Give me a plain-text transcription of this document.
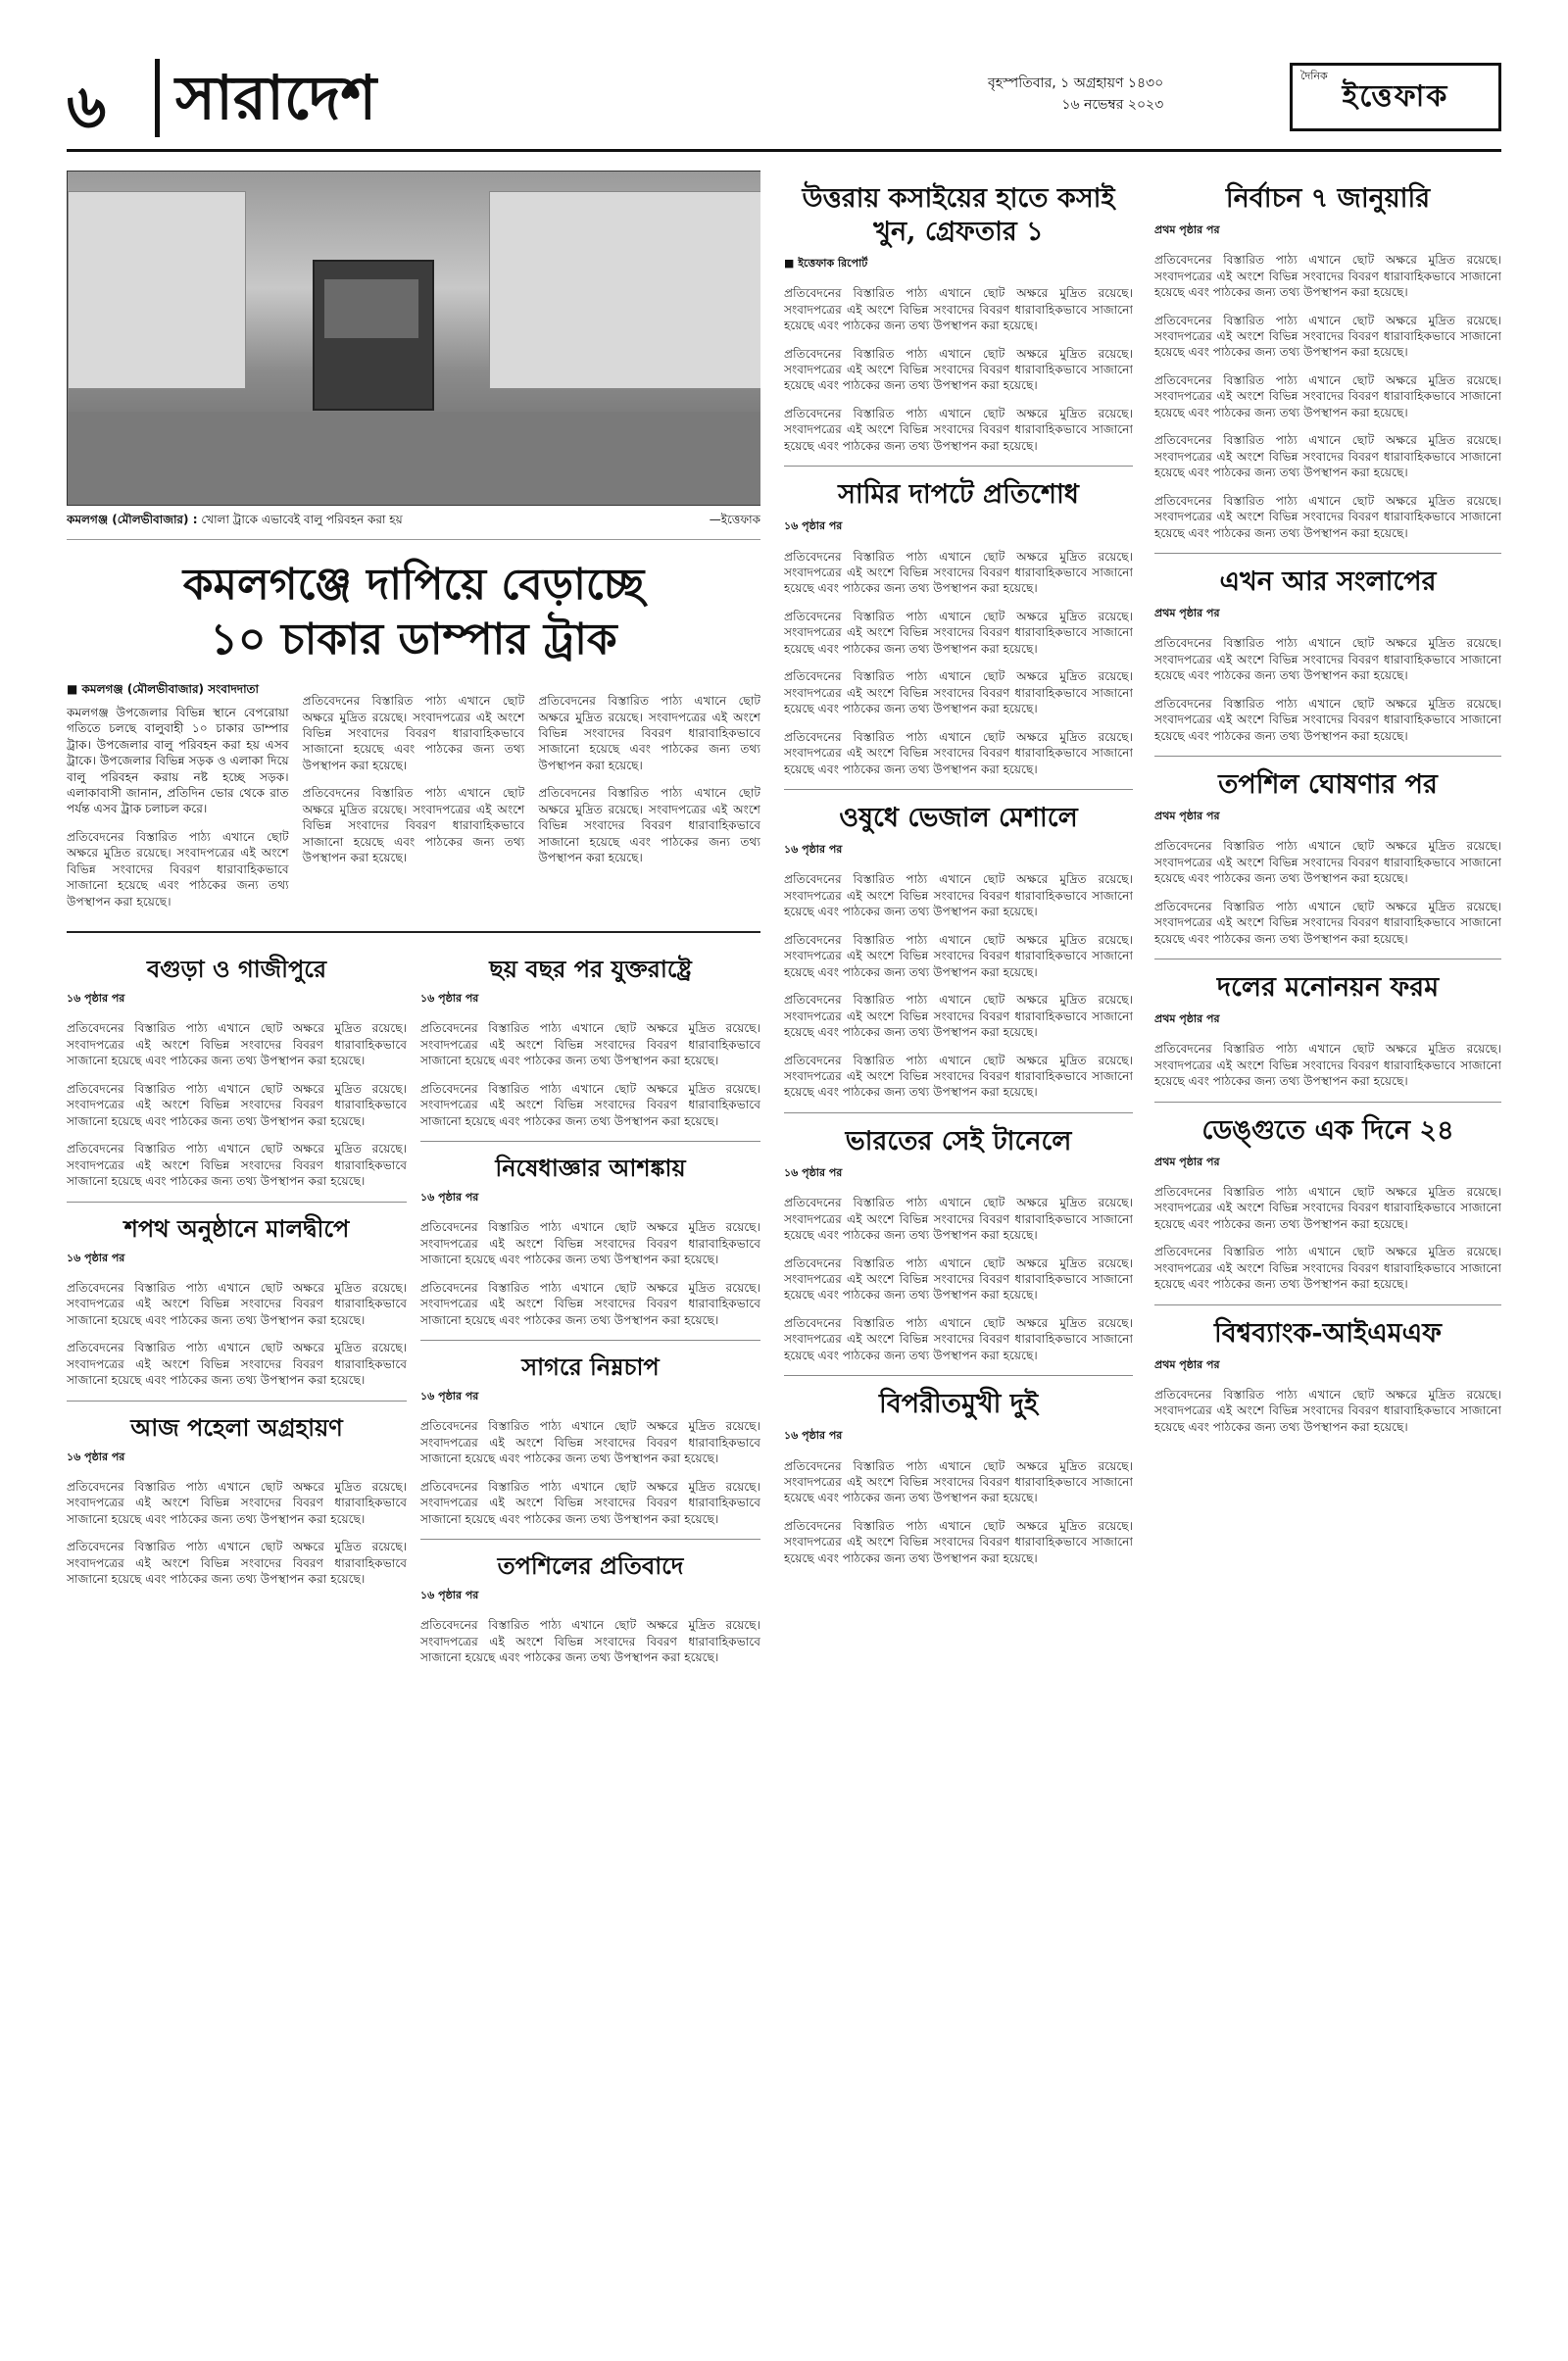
৬	সারাদেশ	বৃহস্পতিবার, ১ অগ্রহায়ণ ১৪৩০
১৬ নভেম্বর ২০২৩
দৈনিক
ইত্তেফাক
কমলগঞ্জ (মৌলভীবাজার) : খোলা ট্রাকে এভাবেই বালু পরিবহন করা হয়	—ইত্তেফাক
কমলগঞ্জে দাপিয়ে বেড়াচ্ছে
১০ চাকার ডাম্পার ট্রাক
■ কমলগঞ্জ (মৌলভীবাজার) সংবাদদাতা

কমলগঞ্জ উপজেলার বিভিন্ন স্থানে বেপরোয়া গতিতে চলছে বালুবাহী ১০ চাকার ডাম্পার ট্রাক। উপজেলার বালু পরিবহন করা হয় এসব ট্রাকে। উপজেলার বিভিন্ন সড়ক ও এলাকা দিয়ে বালু পরিবহন করায় নষ্ট হচ্ছে সড়ক। এলাকাবাসী জানান, প্রতিদিন ভোর থেকে রাত পর্যন্ত এসব ট্রাক চলাচল করে।

প্রতিবেদনের বিস্তারিত পাঠ্য এখানে ছোট অক্ষরে মুদ্রিত রয়েছে। সংবাদপত্রের এই অংশে বিভিন্ন সংবাদের বিবরণ ধারাবাহিকভাবে সাজানো হয়েছে এবং পাঠকের জন্য তথ্য উপস্থাপন করা হয়েছে।

প্রতিবেদনের বিস্তারিত পাঠ্য এখানে ছোট অক্ষরে মুদ্রিত রয়েছে। সংবাদপত্রের এই অংশে বিভিন্ন সংবাদের বিবরণ ধারাবাহিকভাবে সাজানো হয়েছে এবং পাঠকের জন্য তথ্য উপস্থাপন করা হয়েছে।

প্রতিবেদনের বিস্তারিত পাঠ্য এখানে ছোট অক্ষরে মুদ্রিত রয়েছে। সংবাদপত্রের এই অংশে বিভিন্ন সংবাদের বিবরণ ধারাবাহিকভাবে সাজানো হয়েছে এবং পাঠকের জন্য তথ্য উপস্থাপন করা হয়েছে।

প্রতিবেদনের বিস্তারিত পাঠ্য এখানে ছোট অক্ষরে মুদ্রিত রয়েছে। সংবাদপত্রের এই অংশে বিভিন্ন সংবাদের বিবরণ ধারাবাহিকভাবে সাজানো হয়েছে এবং পাঠকের জন্য তথ্য উপস্থাপন করা হয়েছে।

প্রতিবেদনের বিস্তারিত পাঠ্য এখানে ছোট অক্ষরে মুদ্রিত রয়েছে। সংবাদপত্রের এই অংশে বিভিন্ন সংবাদের বিবরণ ধারাবাহিকভাবে সাজানো হয়েছে এবং পাঠকের জন্য তথ্য উপস্থাপন করা হয়েছে।

বগুড়া ও গাজীপুরে
১৬ পৃষ্ঠার পর

প্রতিবেদনের বিস্তারিত পাঠ্য এখানে ছোট অক্ষরে মুদ্রিত রয়েছে। সংবাদপত্রের এই অংশে বিভিন্ন সংবাদের বিবরণ ধারাবাহিকভাবে সাজানো হয়েছে এবং পাঠকের জন্য তথ্য উপস্থাপন করা হয়েছে।

প্রতিবেদনের বিস্তারিত পাঠ্য এখানে ছোট অক্ষরে মুদ্রিত রয়েছে। সংবাদপত্রের এই অংশে বিভিন্ন সংবাদের বিবরণ ধারাবাহিকভাবে সাজানো হয়েছে এবং পাঠকের জন্য তথ্য উপস্থাপন করা হয়েছে।

প্রতিবেদনের বিস্তারিত পাঠ্য এখানে ছোট অক্ষরে মুদ্রিত রয়েছে। সংবাদপত্রের এই অংশে বিভিন্ন সংবাদের বিবরণ ধারাবাহিকভাবে সাজানো হয়েছে এবং পাঠকের জন্য তথ্য উপস্থাপন করা হয়েছে।

শপথ অনুষ্ঠানে মালদ্বীপে
১৬ পৃষ্ঠার পর

প্রতিবেদনের বিস্তারিত পাঠ্য এখানে ছোট অক্ষরে মুদ্রিত রয়েছে। সংবাদপত্রের এই অংশে বিভিন্ন সংবাদের বিবরণ ধারাবাহিকভাবে সাজানো হয়েছে এবং পাঠকের জন্য তথ্য উপস্থাপন করা হয়েছে।

প্রতিবেদনের বিস্তারিত পাঠ্য এখানে ছোট অক্ষরে মুদ্রিত রয়েছে। সংবাদপত্রের এই অংশে বিভিন্ন সংবাদের বিবরণ ধারাবাহিকভাবে সাজানো হয়েছে এবং পাঠকের জন্য তথ্য উপস্থাপন করা হয়েছে।

আজ পহেলা অগ্রহায়ণ
১৬ পৃষ্ঠার পর

প্রতিবেদনের বিস্তারিত পাঠ্য এখানে ছোট অক্ষরে মুদ্রিত রয়েছে। সংবাদপত্রের এই অংশে বিভিন্ন সংবাদের বিবরণ ধারাবাহিকভাবে সাজানো হয়েছে এবং পাঠকের জন্য তথ্য উপস্থাপন করা হয়েছে।

প্রতিবেদনের বিস্তারিত পাঠ্য এখানে ছোট অক্ষরে মুদ্রিত রয়েছে। সংবাদপত্রের এই অংশে বিভিন্ন সংবাদের বিবরণ ধারাবাহিকভাবে সাজানো হয়েছে এবং পাঠকের জন্য তথ্য উপস্থাপন করা হয়েছে।

ছয় বছর পর যুক্তরাষ্ট্রে
১৬ পৃষ্ঠার পর

প্রতিবেদনের বিস্তারিত পাঠ্য এখানে ছোট অক্ষরে মুদ্রিত রয়েছে। সংবাদপত্রের এই অংশে বিভিন্ন সংবাদের বিবরণ ধারাবাহিকভাবে সাজানো হয়েছে এবং পাঠকের জন্য তথ্য উপস্থাপন করা হয়েছে।

প্রতিবেদনের বিস্তারিত পাঠ্য এখানে ছোট অক্ষরে মুদ্রিত রয়েছে। সংবাদপত্রের এই অংশে বিভিন্ন সংবাদের বিবরণ ধারাবাহিকভাবে সাজানো হয়েছে এবং পাঠকের জন্য তথ্য উপস্থাপন করা হয়েছে।

নিষেধাজ্ঞার আশঙ্কায়
১৬ পৃষ্ঠার পর

প্রতিবেদনের বিস্তারিত পাঠ্য এখানে ছোট অক্ষরে মুদ্রিত রয়েছে। সংবাদপত্রের এই অংশে বিভিন্ন সংবাদের বিবরণ ধারাবাহিকভাবে সাজানো হয়েছে এবং পাঠকের জন্য তথ্য উপস্থাপন করা হয়েছে।

প্রতিবেদনের বিস্তারিত পাঠ্য এখানে ছোট অক্ষরে মুদ্রিত রয়েছে। সংবাদপত্রের এই অংশে বিভিন্ন সংবাদের বিবরণ ধারাবাহিকভাবে সাজানো হয়েছে এবং পাঠকের জন্য তথ্য উপস্থাপন করা হয়েছে।

সাগরে নিম্নচাপ
১৬ পৃষ্ঠার পর

প্রতিবেদনের বিস্তারিত পাঠ্য এখানে ছোট অক্ষরে মুদ্রিত রয়েছে। সংবাদপত্রের এই অংশে বিভিন্ন সংবাদের বিবরণ ধারাবাহিকভাবে সাজানো হয়েছে এবং পাঠকের জন্য তথ্য উপস্থাপন করা হয়েছে।

প্রতিবেদনের বিস্তারিত পাঠ্য এখানে ছোট অক্ষরে মুদ্রিত রয়েছে। সংবাদপত্রের এই অংশে বিভিন্ন সংবাদের বিবরণ ধারাবাহিকভাবে সাজানো হয়েছে এবং পাঠকের জন্য তথ্য উপস্থাপন করা হয়েছে।

তপশিলের প্রতিবাদে
১৬ পৃষ্ঠার পর

প্রতিবেদনের বিস্তারিত পাঠ্য এখানে ছোট অক্ষরে মুদ্রিত রয়েছে। সংবাদপত্রের এই অংশে বিভিন্ন সংবাদের বিবরণ ধারাবাহিকভাবে সাজানো হয়েছে এবং পাঠকের জন্য তথ্য উপস্থাপন করা হয়েছে।

উত্তরায় কসাইয়ের হাতে কসাই খুন, গ্রেফতার ১
■ ইত্তেফাক রিপোর্ট

প্রতিবেদনের বিস্তারিত পাঠ্য এখানে ছোট অক্ষরে মুদ্রিত রয়েছে। সংবাদপত্রের এই অংশে বিভিন্ন সংবাদের বিবরণ ধারাবাহিকভাবে সাজানো হয়েছে এবং পাঠকের জন্য তথ্য উপস্থাপন করা হয়েছে।

প্রতিবেদনের বিস্তারিত পাঠ্য এখানে ছোট অক্ষরে মুদ্রিত রয়েছে। সংবাদপত্রের এই অংশে বিভিন্ন সংবাদের বিবরণ ধারাবাহিকভাবে সাজানো হয়েছে এবং পাঠকের জন্য তথ্য উপস্থাপন করা হয়েছে।

প্রতিবেদনের বিস্তারিত পাঠ্য এখানে ছোট অক্ষরে মুদ্রিত রয়েছে। সংবাদপত্রের এই অংশে বিভিন্ন সংবাদের বিবরণ ধারাবাহিকভাবে সাজানো হয়েছে এবং পাঠকের জন্য তথ্য উপস্থাপন করা হয়েছে।

সামির দাপটে প্রতিশোধ
১৬ পৃষ্ঠার পর

প্রতিবেদনের বিস্তারিত পাঠ্য এখানে ছোট অক্ষরে মুদ্রিত রয়েছে। সংবাদপত্রের এই অংশে বিভিন্ন সংবাদের বিবরণ ধারাবাহিকভাবে সাজানো হয়েছে এবং পাঠকের জন্য তথ্য উপস্থাপন করা হয়েছে।

প্রতিবেদনের বিস্তারিত পাঠ্য এখানে ছোট অক্ষরে মুদ্রিত রয়েছে। সংবাদপত্রের এই অংশে বিভিন্ন সংবাদের বিবরণ ধারাবাহিকভাবে সাজানো হয়েছে এবং পাঠকের জন্য তথ্য উপস্থাপন করা হয়েছে।

প্রতিবেদনের বিস্তারিত পাঠ্য এখানে ছোট অক্ষরে মুদ্রিত রয়েছে। সংবাদপত্রের এই অংশে বিভিন্ন সংবাদের বিবরণ ধারাবাহিকভাবে সাজানো হয়েছে এবং পাঠকের জন্য তথ্য উপস্থাপন করা হয়েছে।

প্রতিবেদনের বিস্তারিত পাঠ্য এখানে ছোট অক্ষরে মুদ্রিত রয়েছে। সংবাদপত্রের এই অংশে বিভিন্ন সংবাদের বিবরণ ধারাবাহিকভাবে সাজানো হয়েছে এবং পাঠকের জন্য তথ্য উপস্থাপন করা হয়েছে।

ওষুধে ভেজাল মেশালে
১৬ পৃষ্ঠার পর

প্রতিবেদনের বিস্তারিত পাঠ্য এখানে ছোট অক্ষরে মুদ্রিত রয়েছে। সংবাদপত্রের এই অংশে বিভিন্ন সংবাদের বিবরণ ধারাবাহিকভাবে সাজানো হয়েছে এবং পাঠকের জন্য তথ্য উপস্থাপন করা হয়েছে।

প্রতিবেদনের বিস্তারিত পাঠ্য এখানে ছোট অক্ষরে মুদ্রিত রয়েছে। সংবাদপত্রের এই অংশে বিভিন্ন সংবাদের বিবরণ ধারাবাহিকভাবে সাজানো হয়েছে এবং পাঠকের জন্য তথ্য উপস্থাপন করা হয়েছে।

প্রতিবেদনের বিস্তারিত পাঠ্য এখানে ছোট অক্ষরে মুদ্রিত রয়েছে। সংবাদপত্রের এই অংশে বিভিন্ন সংবাদের বিবরণ ধারাবাহিকভাবে সাজানো হয়েছে এবং পাঠকের জন্য তথ্য উপস্থাপন করা হয়েছে।

প্রতিবেদনের বিস্তারিত পাঠ্য এখানে ছোট অক্ষরে মুদ্রিত রয়েছে। সংবাদপত্রের এই অংশে বিভিন্ন সংবাদের বিবরণ ধারাবাহিকভাবে সাজানো হয়েছে এবং পাঠকের জন্য তথ্য উপস্থাপন করা হয়েছে।

ভারতের সেই টানেলে
১৬ পৃষ্ঠার পর

প্রতিবেদনের বিস্তারিত পাঠ্য এখানে ছোট অক্ষরে মুদ্রিত রয়েছে। সংবাদপত্রের এই অংশে বিভিন্ন সংবাদের বিবরণ ধারাবাহিকভাবে সাজানো হয়েছে এবং পাঠকের জন্য তথ্য উপস্থাপন করা হয়েছে।

প্রতিবেদনের বিস্তারিত পাঠ্য এখানে ছোট অক্ষরে মুদ্রিত রয়েছে। সংবাদপত্রের এই অংশে বিভিন্ন সংবাদের বিবরণ ধারাবাহিকভাবে সাজানো হয়েছে এবং পাঠকের জন্য তথ্য উপস্থাপন করা হয়েছে।

প্রতিবেদনের বিস্তারিত পাঠ্য এখানে ছোট অক্ষরে মুদ্রিত রয়েছে। সংবাদপত্রের এই অংশে বিভিন্ন সংবাদের বিবরণ ধারাবাহিকভাবে সাজানো হয়েছে এবং পাঠকের জন্য তথ্য উপস্থাপন করা হয়েছে।

বিপরীতমুখী দুই
১৬ পৃষ্ঠার পর

প্রতিবেদনের বিস্তারিত পাঠ্য এখানে ছোট অক্ষরে মুদ্রিত রয়েছে। সংবাদপত্রের এই অংশে বিভিন্ন সংবাদের বিবরণ ধারাবাহিকভাবে সাজানো হয়েছে এবং পাঠকের জন্য তথ্য উপস্থাপন করা হয়েছে।

প্রতিবেদনের বিস্তারিত পাঠ্য এখানে ছোট অক্ষরে মুদ্রিত রয়েছে। সংবাদপত্রের এই অংশে বিভিন্ন সংবাদের বিবরণ ধারাবাহিকভাবে সাজানো হয়েছে এবং পাঠকের জন্য তথ্য উপস্থাপন করা হয়েছে।

নির্বাচন ৭ জানুয়ারি
প্রথম পৃষ্ঠার পর

প্রতিবেদনের বিস্তারিত পাঠ্য এখানে ছোট অক্ষরে মুদ্রিত রয়েছে। সংবাদপত্রের এই অংশে বিভিন্ন সংবাদের বিবরণ ধারাবাহিকভাবে সাজানো হয়েছে এবং পাঠকের জন্য তথ্য উপস্থাপন করা হয়েছে।

প্রতিবেদনের বিস্তারিত পাঠ্য এখানে ছোট অক্ষরে মুদ্রিত রয়েছে। সংবাদপত্রের এই অংশে বিভিন্ন সংবাদের বিবরণ ধারাবাহিকভাবে সাজানো হয়েছে এবং পাঠকের জন্য তথ্য উপস্থাপন করা হয়েছে।

প্রতিবেদনের বিস্তারিত পাঠ্য এখানে ছোট অক্ষরে মুদ্রিত রয়েছে। সংবাদপত্রের এই অংশে বিভিন্ন সংবাদের বিবরণ ধারাবাহিকভাবে সাজানো হয়েছে এবং পাঠকের জন্য তথ্য উপস্থাপন করা হয়েছে।

প্রতিবেদনের বিস্তারিত পাঠ্য এখানে ছোট অক্ষরে মুদ্রিত রয়েছে। সংবাদপত্রের এই অংশে বিভিন্ন সংবাদের বিবরণ ধারাবাহিকভাবে সাজানো হয়েছে এবং পাঠকের জন্য তথ্য উপস্থাপন করা হয়েছে।

প্রতিবেদনের বিস্তারিত পাঠ্য এখানে ছোট অক্ষরে মুদ্রিত রয়েছে। সংবাদপত্রের এই অংশে বিভিন্ন সংবাদের বিবরণ ধারাবাহিকভাবে সাজানো হয়েছে এবং পাঠকের জন্য তথ্য উপস্থাপন করা হয়েছে।

এখন আর সংলাপের
প্রথম পৃষ্ঠার পর

প্রতিবেদনের বিস্তারিত পাঠ্য এখানে ছোট অক্ষরে মুদ্রিত রয়েছে। সংবাদপত্রের এই অংশে বিভিন্ন সংবাদের বিবরণ ধারাবাহিকভাবে সাজানো হয়েছে এবং পাঠকের জন্য তথ্য উপস্থাপন করা হয়েছে।

প্রতিবেদনের বিস্তারিত পাঠ্য এখানে ছোট অক্ষরে মুদ্রিত রয়েছে। সংবাদপত্রের এই অংশে বিভিন্ন সংবাদের বিবরণ ধারাবাহিকভাবে সাজানো হয়েছে এবং পাঠকের জন্য তথ্য উপস্থাপন করা হয়েছে।

তপশিল ঘোষণার পর
প্রথম পৃষ্ঠার পর

প্রতিবেদনের বিস্তারিত পাঠ্য এখানে ছোট অক্ষরে মুদ্রিত রয়েছে। সংবাদপত্রের এই অংশে বিভিন্ন সংবাদের বিবরণ ধারাবাহিকভাবে সাজানো হয়েছে এবং পাঠকের জন্য তথ্য উপস্থাপন করা হয়েছে।

প্রতিবেদনের বিস্তারিত পাঠ্য এখানে ছোট অক্ষরে মুদ্রিত রয়েছে। সংবাদপত্রের এই অংশে বিভিন্ন সংবাদের বিবরণ ধারাবাহিকভাবে সাজানো হয়েছে এবং পাঠকের জন্য তথ্য উপস্থাপন করা হয়েছে।

দলের মনোনয়ন ফরম
প্রথম পৃষ্ঠার পর

প্রতিবেদনের বিস্তারিত পাঠ্য এখানে ছোট অক্ষরে মুদ্রিত রয়েছে। সংবাদপত্রের এই অংশে বিভিন্ন সংবাদের বিবরণ ধারাবাহিকভাবে সাজানো হয়েছে এবং পাঠকের জন্য তথ্য উপস্থাপন করা হয়েছে।

ডেঙ্গুতে এক দিনে ২৪
প্রথম পৃষ্ঠার পর

প্রতিবেদনের বিস্তারিত পাঠ্য এখানে ছোট অক্ষরে মুদ্রিত রয়েছে। সংবাদপত্রের এই অংশে বিভিন্ন সংবাদের বিবরণ ধারাবাহিকভাবে সাজানো হয়েছে এবং পাঠকের জন্য তথ্য উপস্থাপন করা হয়েছে।

প্রতিবেদনের বিস্তারিত পাঠ্য এখানে ছোট অক্ষরে মুদ্রিত রয়েছে। সংবাদপত্রের এই অংশে বিভিন্ন সংবাদের বিবরণ ধারাবাহিকভাবে সাজানো হয়েছে এবং পাঠকের জন্য তথ্য উপস্থাপন করা হয়েছে।

বিশ্বব্যাংক-আইএমএফ
প্রথম পৃষ্ঠার পর

প্রতিবেদনের বিস্তারিত পাঠ্য এখানে ছোট অক্ষরে মুদ্রিত রয়েছে। সংবাদপত্রের এই অংশে বিভিন্ন সংবাদের বিবরণ ধারাবাহিকভাবে সাজানো হয়েছে এবং পাঠকের জন্য তথ্য উপস্থাপন করা হয়েছে।
